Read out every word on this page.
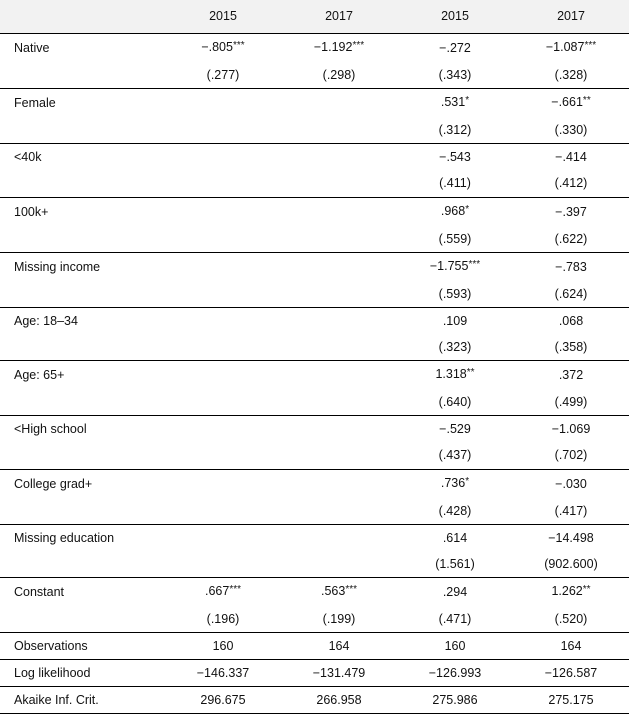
	2015	2017	2015	2017
Native	−.805***	−1.192***	−.272	−1.087***
	(.277)	(.298)	(.343)	(.328)
Female			.531*	−.661**
			(.312)	(.330)
<40k			−.543	−.414
			(.411)	(.412)
100k+			.968*	−.397
			(.559)	(.622)
Missing income			−1.755***	−.783
			(.593)	(.624)
Age: 18–34			.109	.068
			(.323)	(.358)
Age: 65+			1.318**	.372
			(.640)	(.499)
<High school			−.529	−1.069
			(.437)	(.702)
College grad+			.736*	−.030
			(.428)	(.417)
Missing education			.614	−14.498
			(1.561)	(902.600)
Constant	.667***	.563***	.294	1.262**
	(.196)	(.199)	(.471)	(.520)
Observations	160	164	160	164
Log likelihood	−146.337	−131.479	−126.993	−126.587
Akaike Inf. Crit.	296.675	266.958	275.986	275.175
